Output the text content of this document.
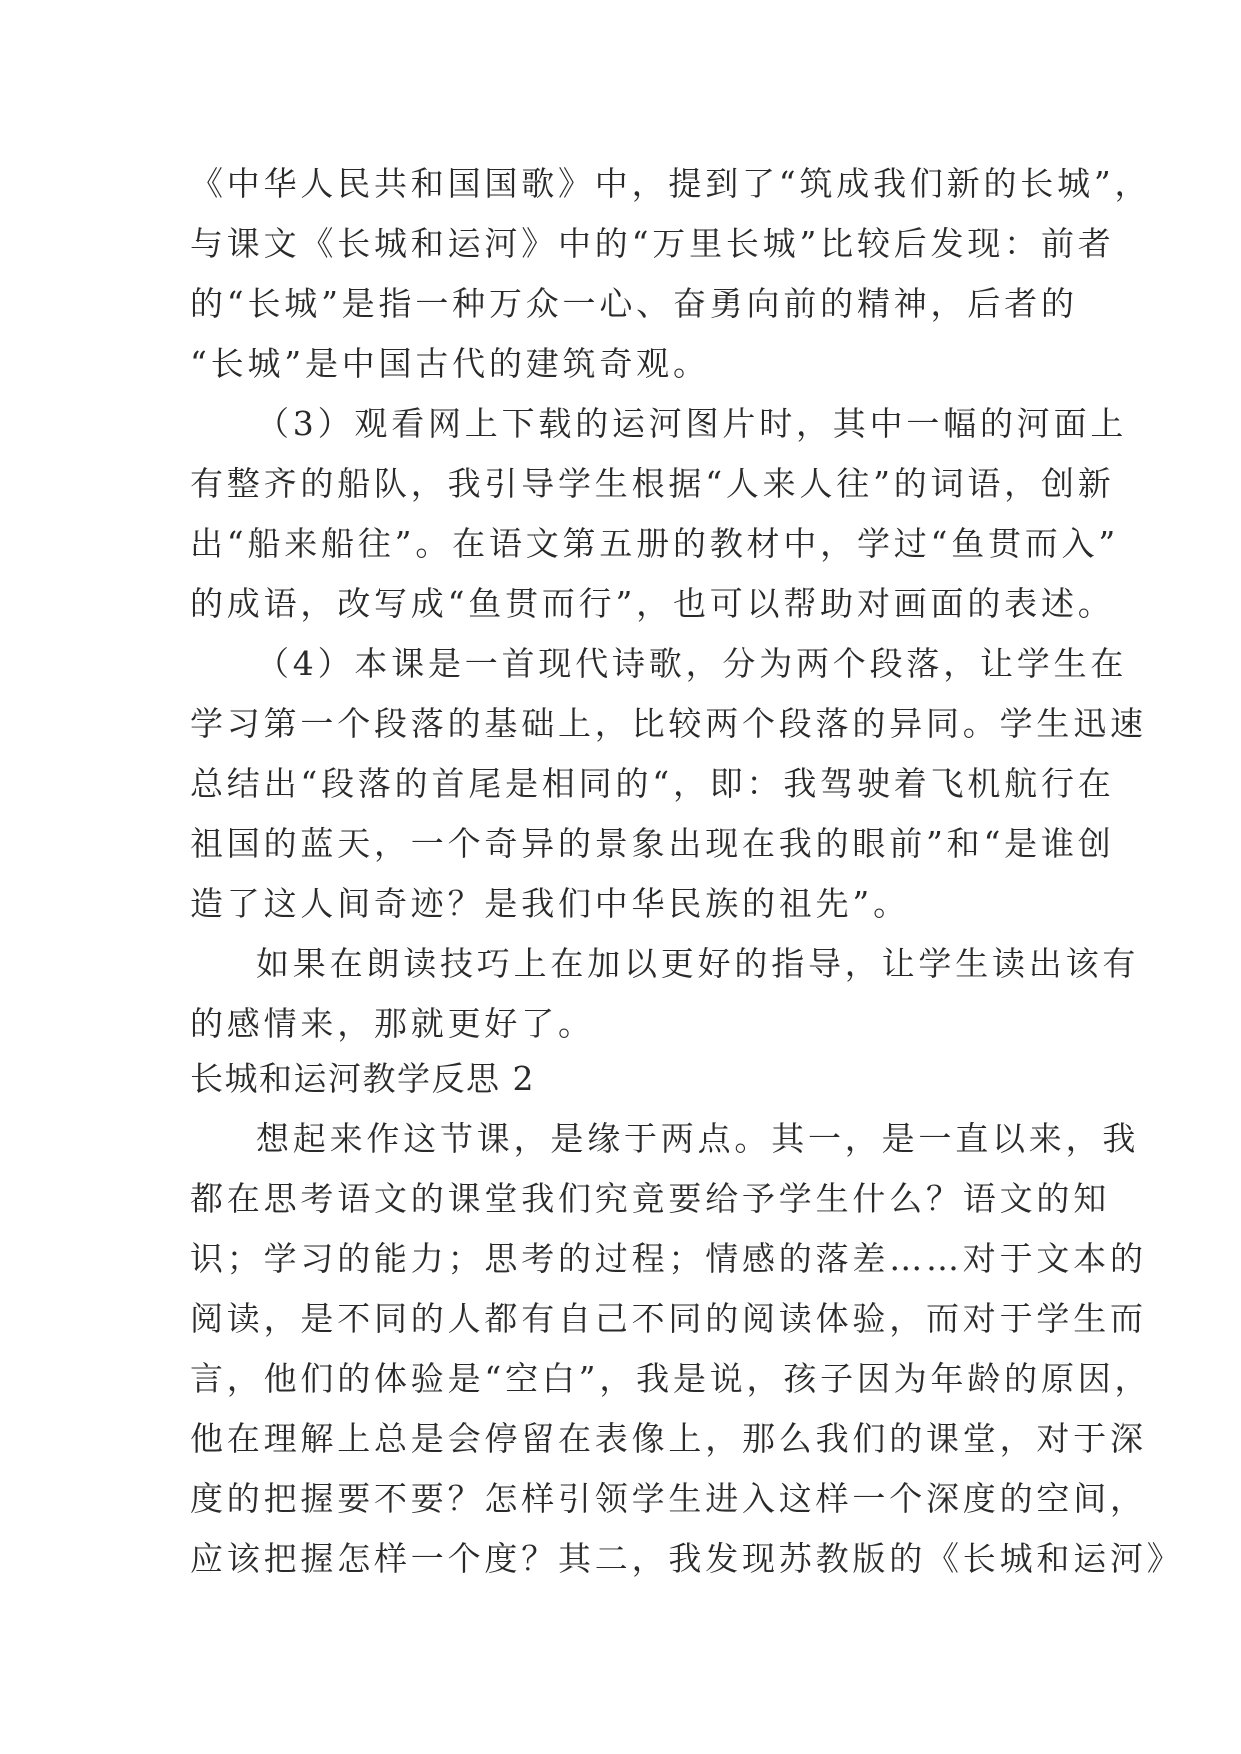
《中华人民共和国国歌》中，提到了“筑成我们新的长城”，
与课文《长城和运河》中的“万里长城”比较后发现：前者
的“长城”是指一种万众一心、奋勇向前的精神，后者的
“长城”是中国古代的建筑奇观。
（3）观看网上下载的运河图片时，其中一幅的河面上
有整齐的船队，我引导学生根据“人来人往”的词语，创新
出“船来船往”。在语文第五册的教材中，学过“鱼贯而入”
的成语，改写成“鱼贯而行”，也可以帮助对画面的表述。
（4）本课是一首现代诗歌，分为两个段落，让学生在
学习第一个段落的基础上，比较两个段落的异同。学生迅速
总结出“段落的首尾是相同的“，即：我驾驶着飞机航行在
祖国的蓝天，一个奇异的景象出现在我的眼前”和“是谁创
造了这人间奇迹？是我们中华民族的祖先”。
如果在朗读技巧上在加以更好的指导，让学生读出该有
的感情来，那就更好了。
长城和运河教学反思 2
想起来作这节课，是缘于两点。其一，是一直以来，我
都在思考语文的课堂我们究竟要给予学生什么？语文的知
识；学习的能力；思考的过程；情感的落差……对于文本的
阅读，是不同的人都有自己不同的阅读体验，而对于学生而
言，他们的体验是“空白”，我是说，孩子因为年龄的原因，
他在理解上总是会停留在表像上，那么我们的课堂，对于深
度的把握要不要？怎样引领学生进入这样一个深度的空间，
应该把握怎样一个度？其二，我发现苏教版的《长城和运河》
